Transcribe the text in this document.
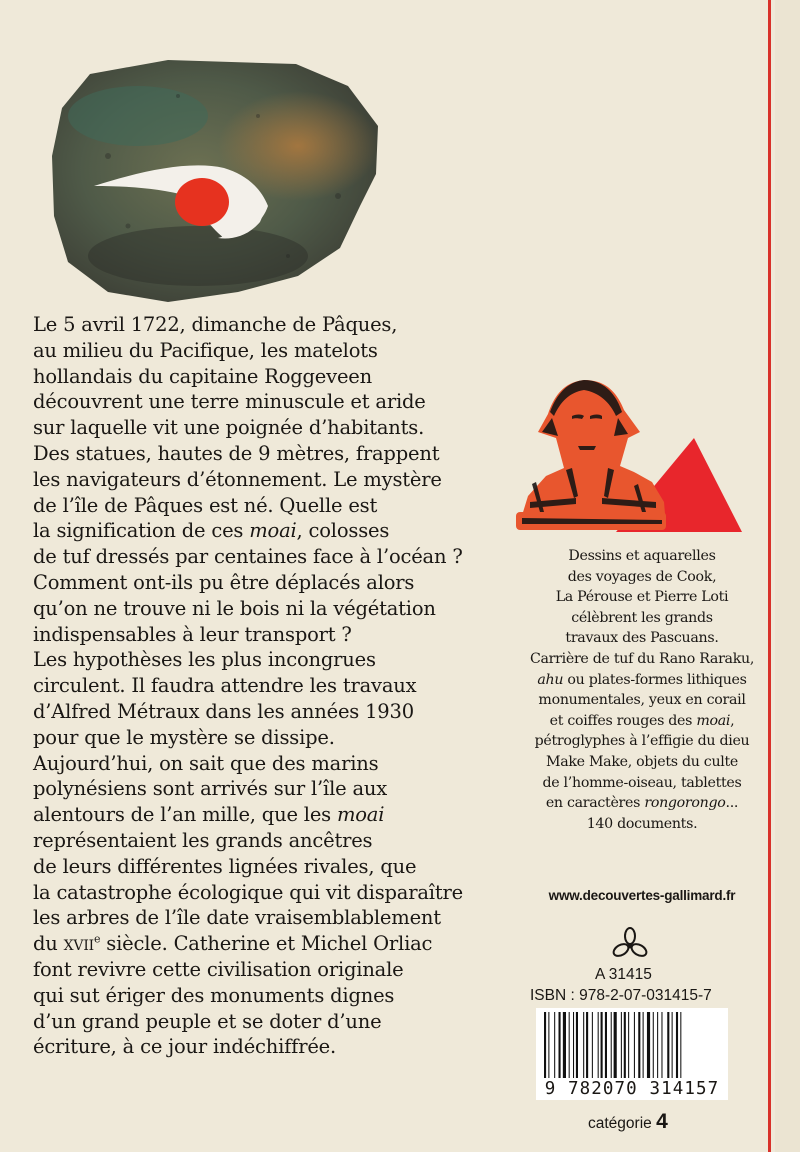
Le 5 avril 1722, dimanche de Pâques,
au milieu du Pacifique, les matelots
hollandais du capitaine Roggeveen
découvrent une terre minuscule et aride
sur laquelle vit une poignée d’habitants.
Des statues, hautes de 9 mètres, frappent
les navigateurs d’étonnement. Le mystère
de l’île de Pâques est né. Quelle est
la signification de ces moai, colosses
de tuf dressés par centaines face à l’océan ?
Comment ont-ils pu être déplacés alors
qu’on ne trouve ni le bois ni la végétation
indispensables à leur transport ?
Les hypothèses les plus incongrues
circulent. Il faudra attendre les travaux
d’Alfred Métraux dans les années 1930
pour que le mystère se dissipe.
Aujourd’hui, on sait que des marins
polynésiens sont arrivés sur l’île aux
alentours de l’an mille, que les moai
représentaient les grands ancêtres
de leurs différentes lignées rivales, que
la catastrophe écologique qui vit disparaître
les arbres de l’île date vraisemblablement
du xvii$^e$ siècle. Catherine et Michel Orliac
font revivre cette civilisation originale
qui sut ériger des monuments dignes
d’un grand peuple et se doter d’une
écriture, à ce jour indéchiffrée.
Dessins et aquarelles
des voyages de Cook,
La Pérouse et Pierre Loti
célèbrent les grands
travaux des Pascuans.
Carrière de tuf du Rano Raraku,
ahu ou plates-formes lithiques
monumentales, yeux en corail
et coiffes rouges des moai,
pétroglyphes à l’effigie du dieu
Make Make, objets du culte
de l’homme-oiseau, tablettes
en caractères rongorongo...
140 documents.
www.decouvertes-gallimard.fr
A 31415
ISBN : 978-2-07-031415-7
9 782070 314157
catégorie 4
